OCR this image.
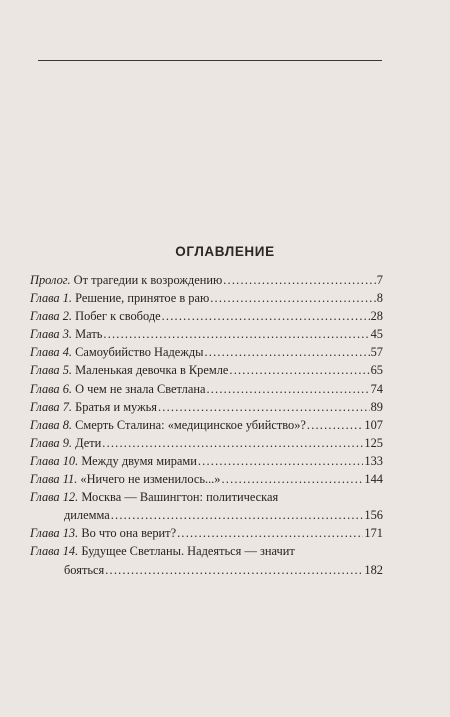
ОГЛАВЛЕНИЕ
Пролог. От трагедии к возрождению .....	7
Глава 1. Решение, принятое в раю .....	8
Глава 2. Побег к свободе .....	28
Глава 3. Мать .....	45
Глава 4. Самоубийство Надежды .....	57
Глава 5. Маленькая девочка в Кремле .....	65
Глава 6. О чем не знала Светлана .....	74
Глава 7. Братья и мужья .....	89
Глава 8. Смерть Сталина: «медицинское убийство»? .....	107
Глава 9. Дети .....	125
Глава 10. Между двумя мирами .....	133
Глава 11. «Ничего не изменилось...» .....	144
Глава 12. Москва — Вашингтон: политическая
дилемма .....	156
Глава 13. Во что она верит? .....	171
Глава 14. Будущее Светланы. Надеяться — значит
бояться .....	182
